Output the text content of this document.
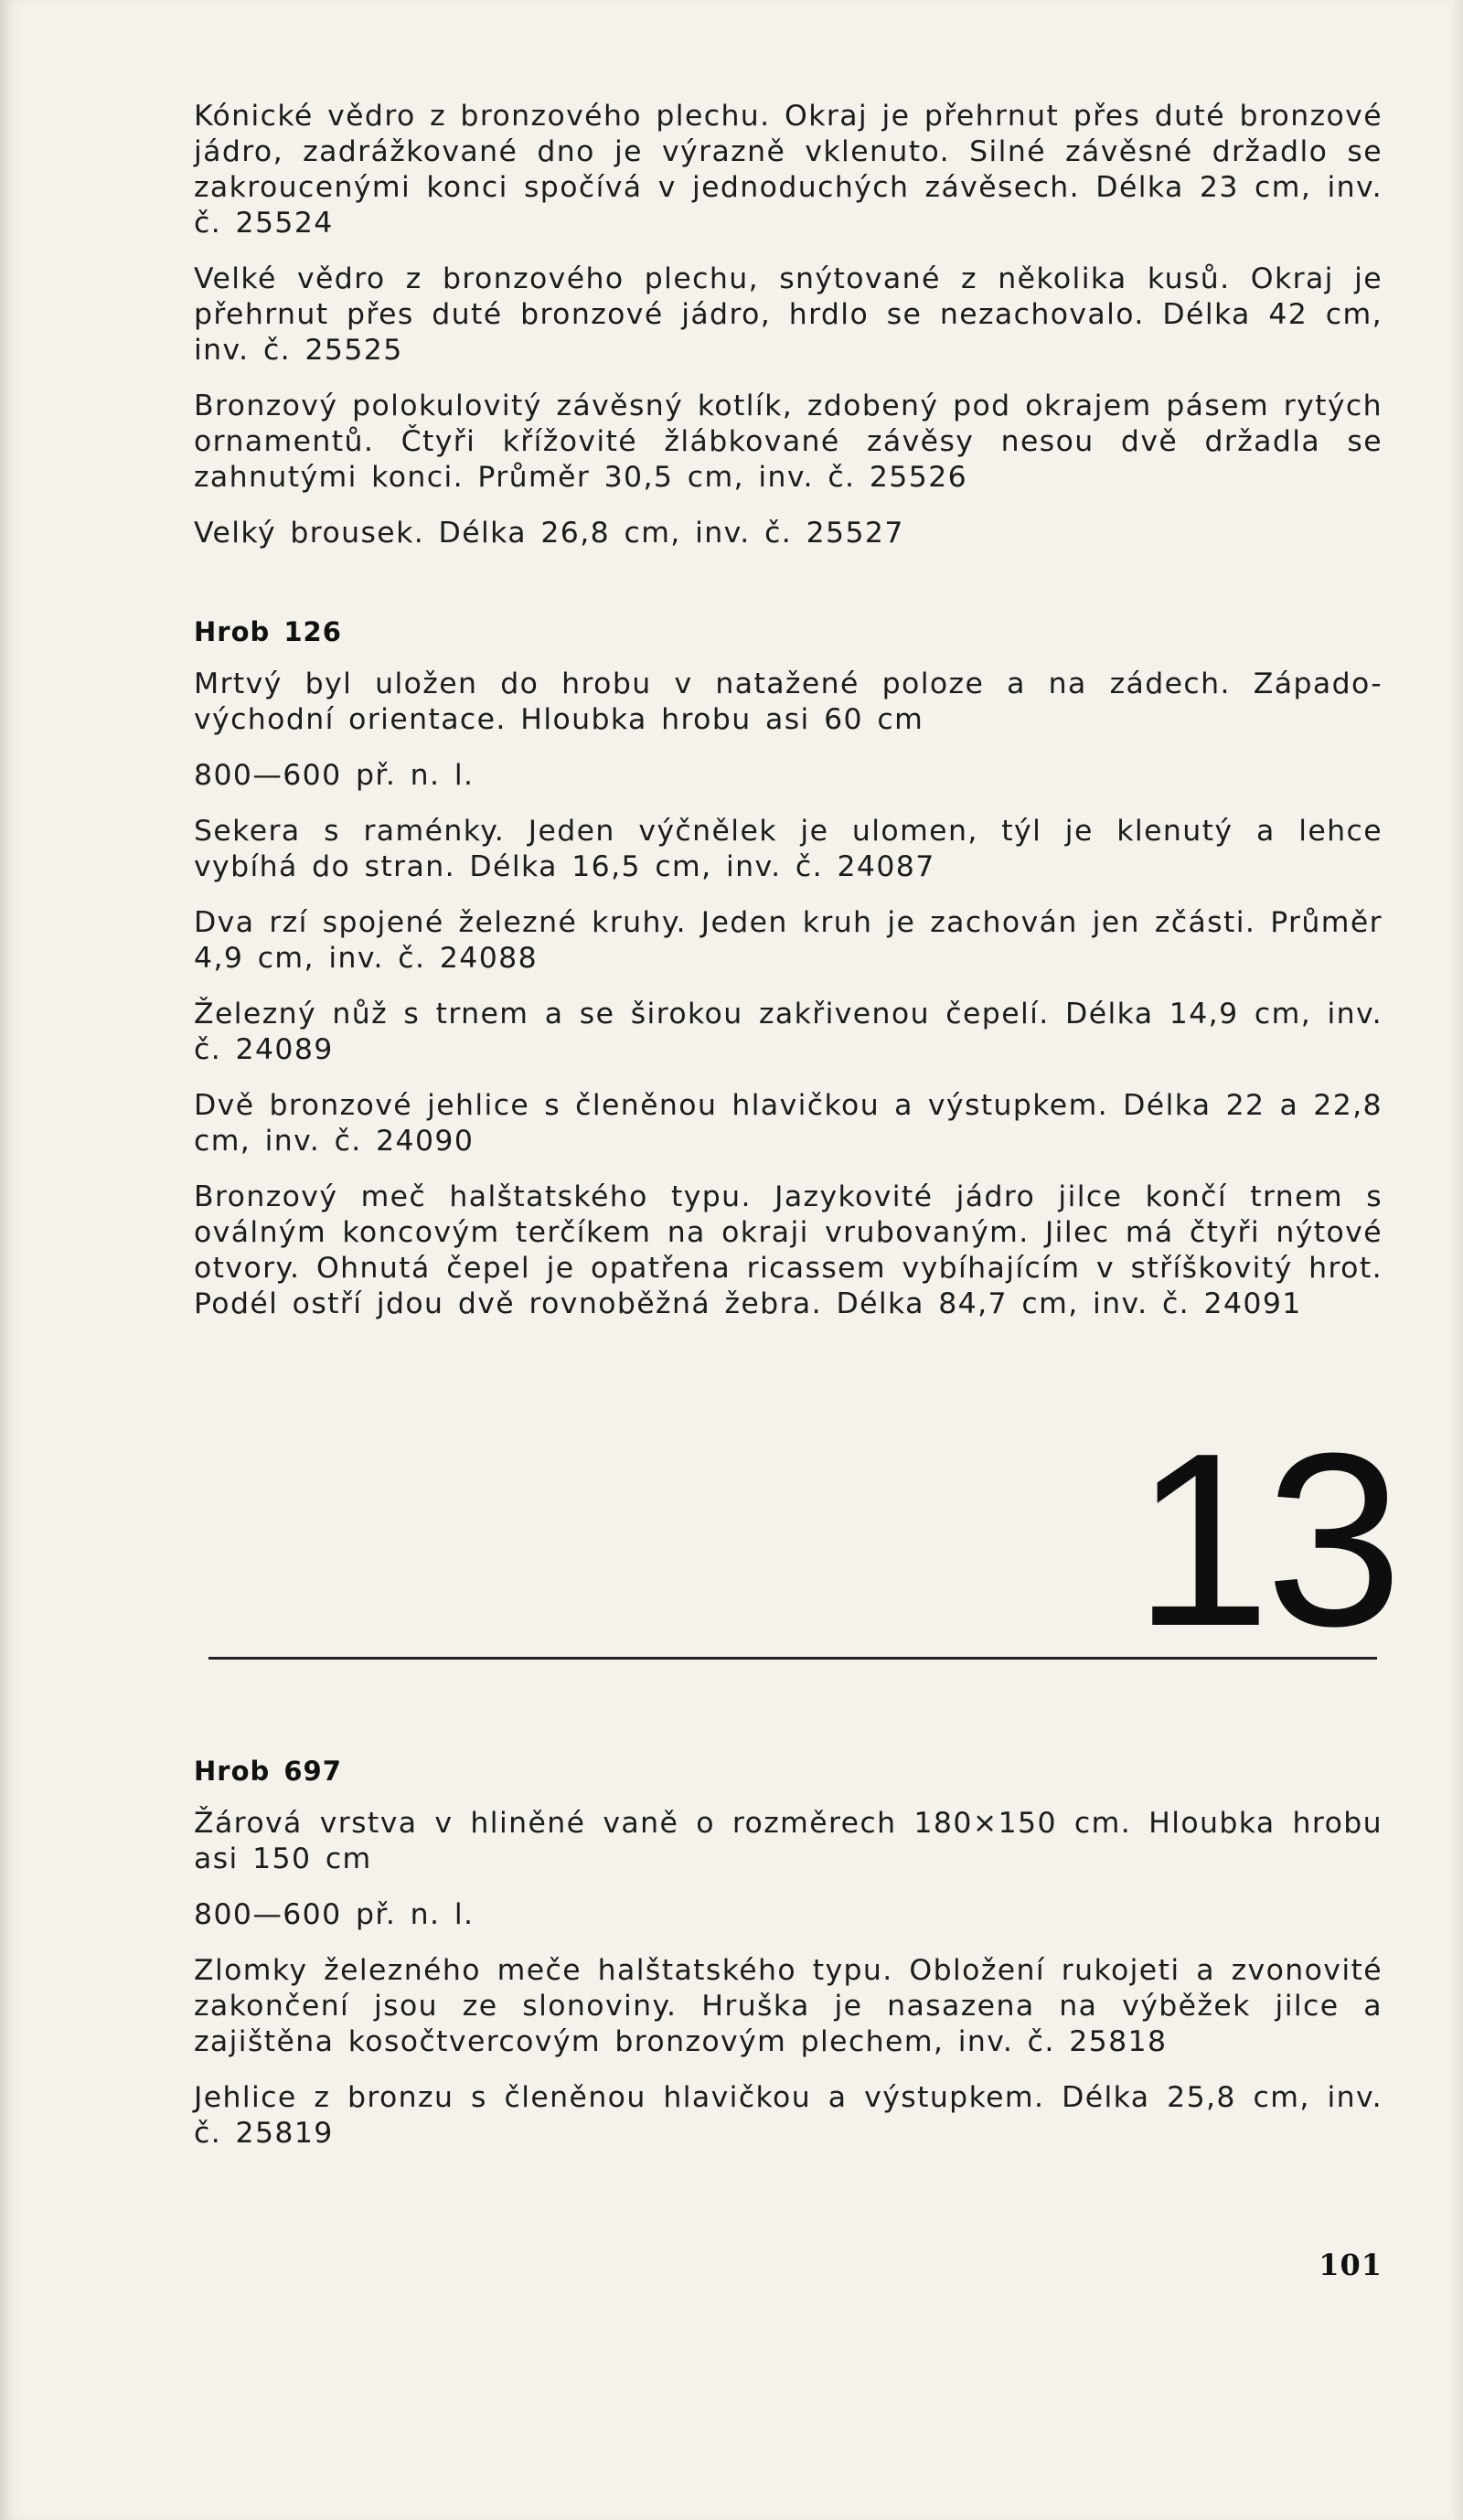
Kónické vědro z bronzového plechu. Okraj je přehrnut přes duté bronzové jádro, zadrážkované dno je výrazně vklenuto. Silné závěsné držadlo se zakroucenými konci spočívá v jednoduchých závěsech. Délka 23 cm, inv. č. 25524

Velké vědro z bronzového plechu, snýtované z několika kusů. Okraj je přehrnut přes duté bronzové jádro, hrdlo se nezachovalo. Délka 42 cm, inv. č. 25525

Bronzový polokulovitý závěsný kotlík, zdobený pod okrajem pásem rytých ornamentů. Čtyři křížovité žlábkované závěsy nesou dvě držadla se zahnutými konci. Průměr 30,5 cm, inv. č. 25526

Velký brousek. Délka 26,8 cm, inv. č. 25527

Hrob 126

Mrtvý byl uložen do hrobu v natažené poloze a na zádech. Západo-východní orientace. Hloubka hrobu asi 60 cm

800—600 př. n. l.

Sekera s raménky. Jeden výčnělek je ulomen, týl je klenutý a lehce vybíhá do stran. Délka 16,5 cm, inv. č. 24087

Dva rzí spojené železné kruhy. Jeden kruh je zachován jen zčásti. Průměr 4,9 cm, inv. č. 24088

Železný nůž s trnem a se širokou zakřivenou čepelí. Délka 14,9 cm, inv. č. 24089

Dvě bronzové jehlice s členěnou hlavičkou a výstupkem. Délka 22 a 22,8 cm, inv. č. 24090

Bronzový meč halštatského typu. Jazykovité jádro jilce končí trnem s oválným koncovým terčíkem na okraji vrubovaným. Jilec má čtyři nýtové otvory. Ohnutá čepel je opatřena ricassem vybíhajícím v stříškovitý hrot. Podél ostří jdou dvě rovnoběžná žebra. Délka 84,7 cm, inv. č. 24091

13
Hrob 697

Žárová vrstva v hliněné vaně o rozměrech 180×150 cm. Hloubka hrobu asi 150 cm

800—600 př. n. l.

Zlomky železného meče halštatského typu. Obložení rukojeti a zvonovité zakončení jsou ze slonoviny. Hruška je nasazena na výběžek jilce a zajištěna kosočtvercovým bronzovým plechem, inv. č. 25818

Jehlice z bronzu s členěnou hlavičkou a výstupkem. Délka 25,8 cm, inv. č. 25819

101
